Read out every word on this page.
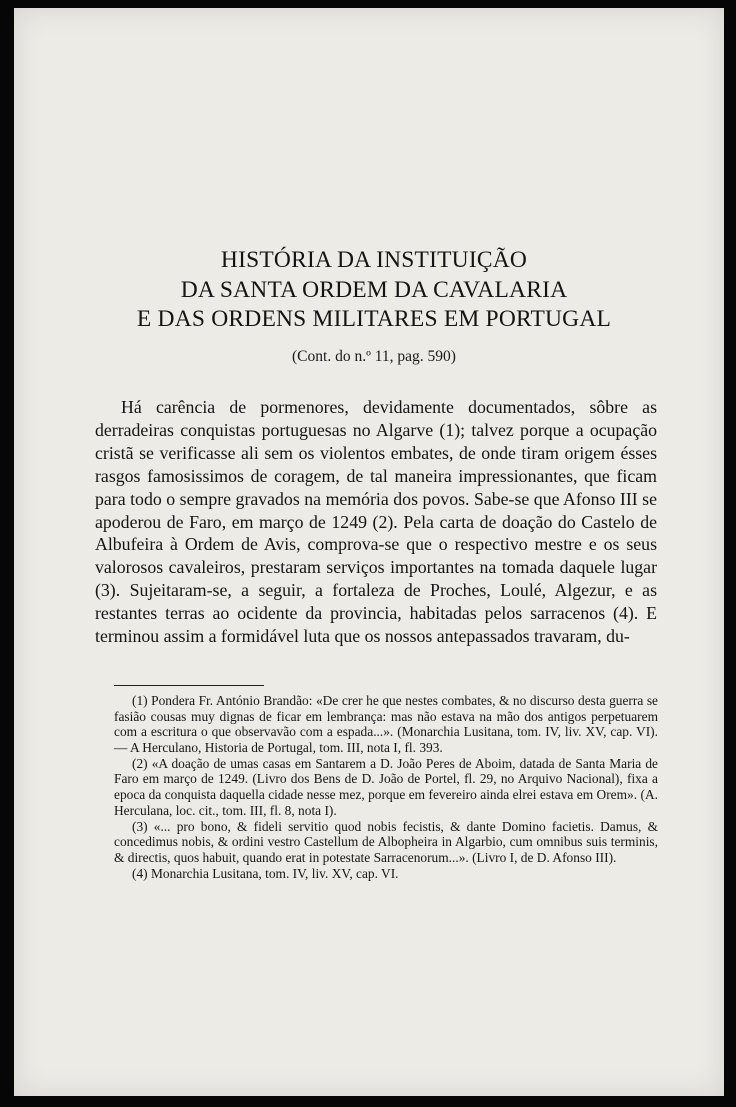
HISTÓRIA DA INSTITUIÇÃO
DA SANTA ORDEM DA CAVALARIA
E DAS ORDENS MILITARES EM PORTUGAL
(Cont. do n.º 11, pag. 590)

Há carência de pormenores, devidamente documentados, sôbre as derradeiras conquistas portuguesas no Algarve (1); talvez porque a ocupação cristã se verificasse ali sem os violentos embates, de onde tiram origem ésses rasgos famosissimos de coragem, de tal maneira impressionantes, que ficam para todo o sempre gravados na memória dos povos. Sabe-se que Afonso III se apoderou de Faro, em março de 1249 (2). Pela carta de doação do Castelo de Albufeira à Ordem de Avis, comprova-se que o respectivo mestre e os seus valorosos cavaleiros, prestaram serviços importantes na tomada daquele lugar (3). Sujeitaram-se, a seguir, a fortaleza de Proches, Loulé, Algezur, e as restantes terras ao ocidente da provincia, habitadas pelos sarracenos (4). E terminou assim a formidável luta que os nossos antepassados travaram, du-

(1) Pondera Fr. António Brandão: «De crer he que nestes combates, & no discurso desta guerra se fasião cousas muy dignas de ficar em lembrança: mas não estava na mão dos antigos perpetuarem com a escritura o que observavão com a espada...». (Monarchia Lusitana, tom. IV, liv. XV, cap. VI). — A Herculano, Historia de Portugal, tom. III, nota I, fl. 393.

(2) «A doação de umas casas em Santarem a D. João Peres de Aboim, datada de Santa Maria de Faro em março de 1249. (Livro dos Bens de D. João de Portel, fl. 29, no Arquivo Nacional), fixa a epoca da conquista daquella cidade nesse mez, porque em fevereiro ainda elrei estava em Orem». (A. Herculana, loc. cit., tom. III, fl. 8, nota I).

(3) «... pro bono, & fideli servitio quod nobis fecistis, & dante Domino facietis. Damus, & concedimus nobis, & ordini vestro Castellum de Albopheira in Algarbio, cum omnibus suis terminis, & directis, quos habuit, quando erat in potestate Sarracenorum...». (Livro I, de D. Afonso III).

(4) Monarchia Lusitana, tom. IV, liv. XV, cap. VI.
